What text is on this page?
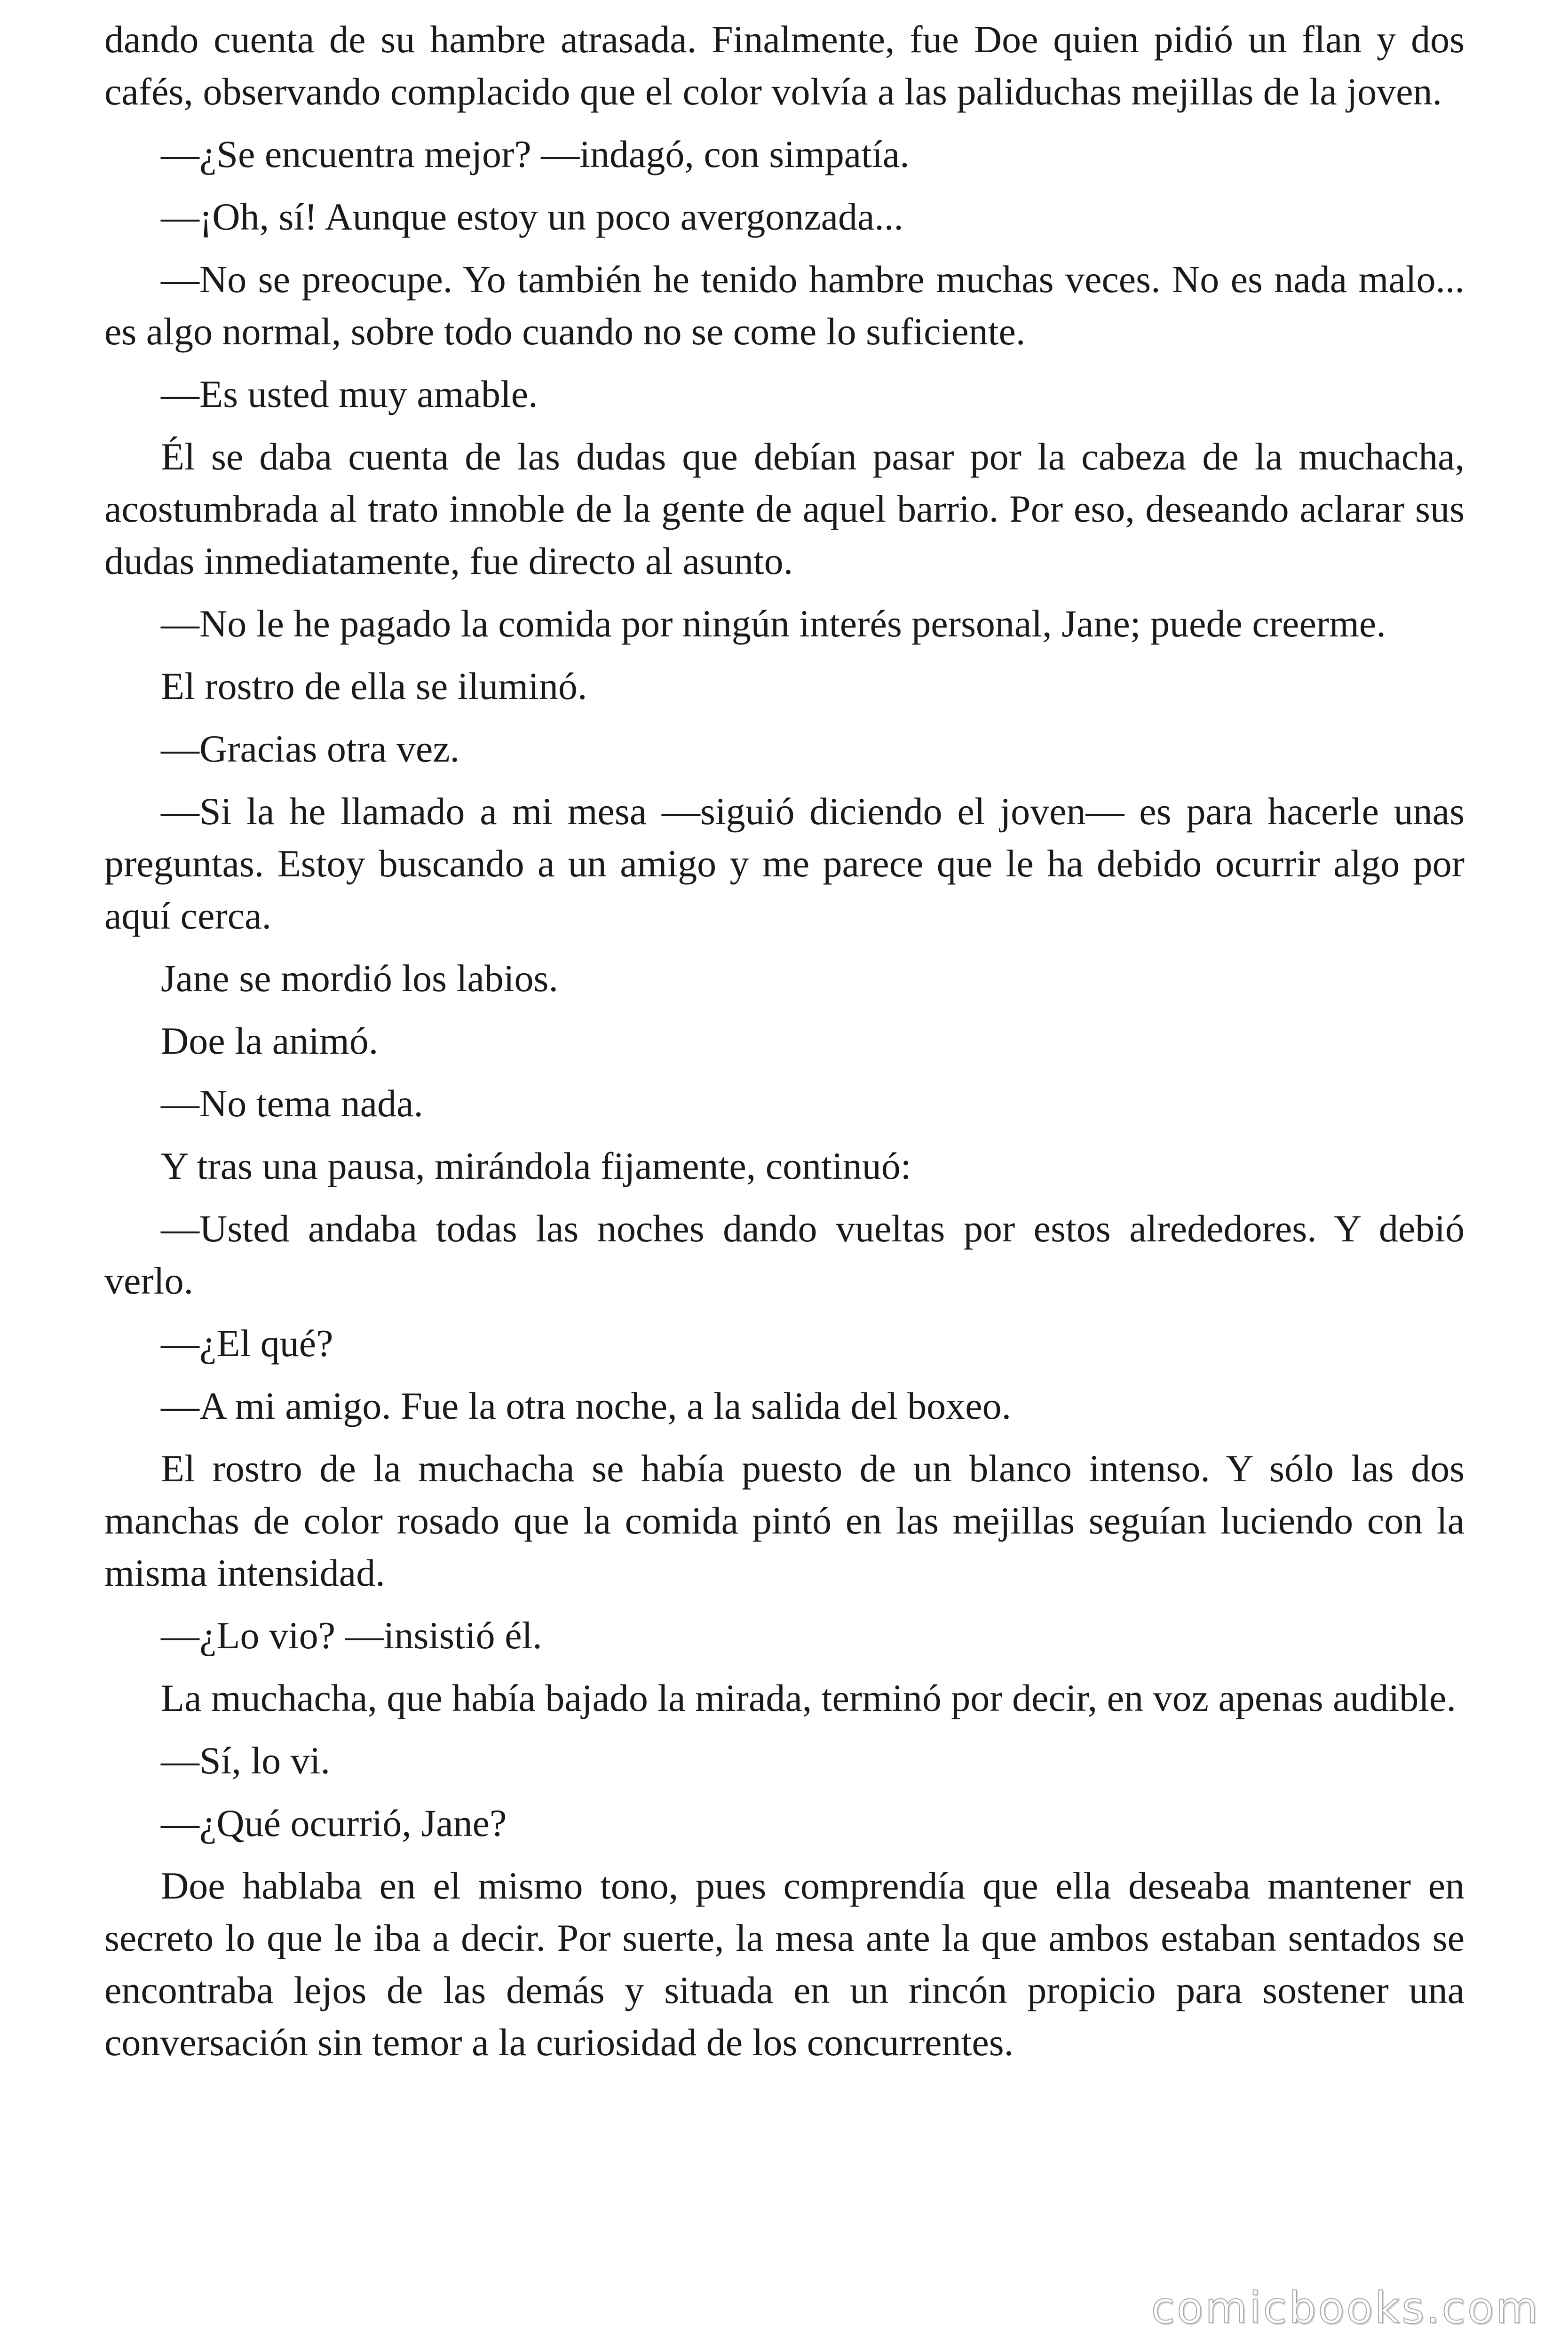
dando cuenta de su hambre atrasada. Finalmente, fue Doe quien pidió un flan y dos cafés, observando complacido que el color volvía a las paliduchas mejillas de la joven.

—¿Se encuentra mejor? —indagó, con simpatía.

—¡Oh, sí! Aunque estoy un poco avergonzada...

—No se preocupe. Yo también he tenido hambre muchas veces. No es nada malo... es algo normal, sobre todo cuando no se come lo suficiente.

—Es usted muy amable.

Él se daba cuenta de las dudas que debían pasar por la cabeza de la muchacha, acostumbrada al trato innoble de la gente de aquel barrio. Por eso, deseando aclarar sus dudas inmediatamente, fue directo al asunto.

—No le he pagado la comida por ningún interés personal, Jane; puede creerme.

El rostro de ella se iluminó.

—Gracias otra vez.

—Si la he llamado a mi mesa —siguió diciendo el joven— es para hacerle unas preguntas. Estoy buscando a un amigo y me parece que le ha debido ocurrir algo por aquí cerca.

Jane se mordió los labios.

Doe la animó.

—No tema nada.

Y tras una pausa, mirándola fijamente, continuó:

—Usted andaba todas las noches dando vueltas por estos alrededores. Y debió verlo.

—¿El qué?

—A mi amigo. Fue la otra noche, a la salida del boxeo.

El rostro de la muchacha se había puesto de un blanco intenso. Y sólo las dos manchas de color rosado que la comida pintó en las mejillas seguían luciendo con la misma intensidad.

—¿Lo vio? —insistió él.

La muchacha, que había bajado la mirada, terminó por decir, en voz apenas audible.

—Sí, lo vi.

—¿Qué ocurrió, Jane?

Doe hablaba en el mismo tono, pues comprendía que ella deseaba mantener en secreto lo que le iba a decir. Por suerte, la mesa ante la que ambos estaban sentados se encontraba lejos de las demás y situada en un rincón propicio para sostener una conversación sin temor a la curiosidad de los concurrentes.

comicbooks.com
